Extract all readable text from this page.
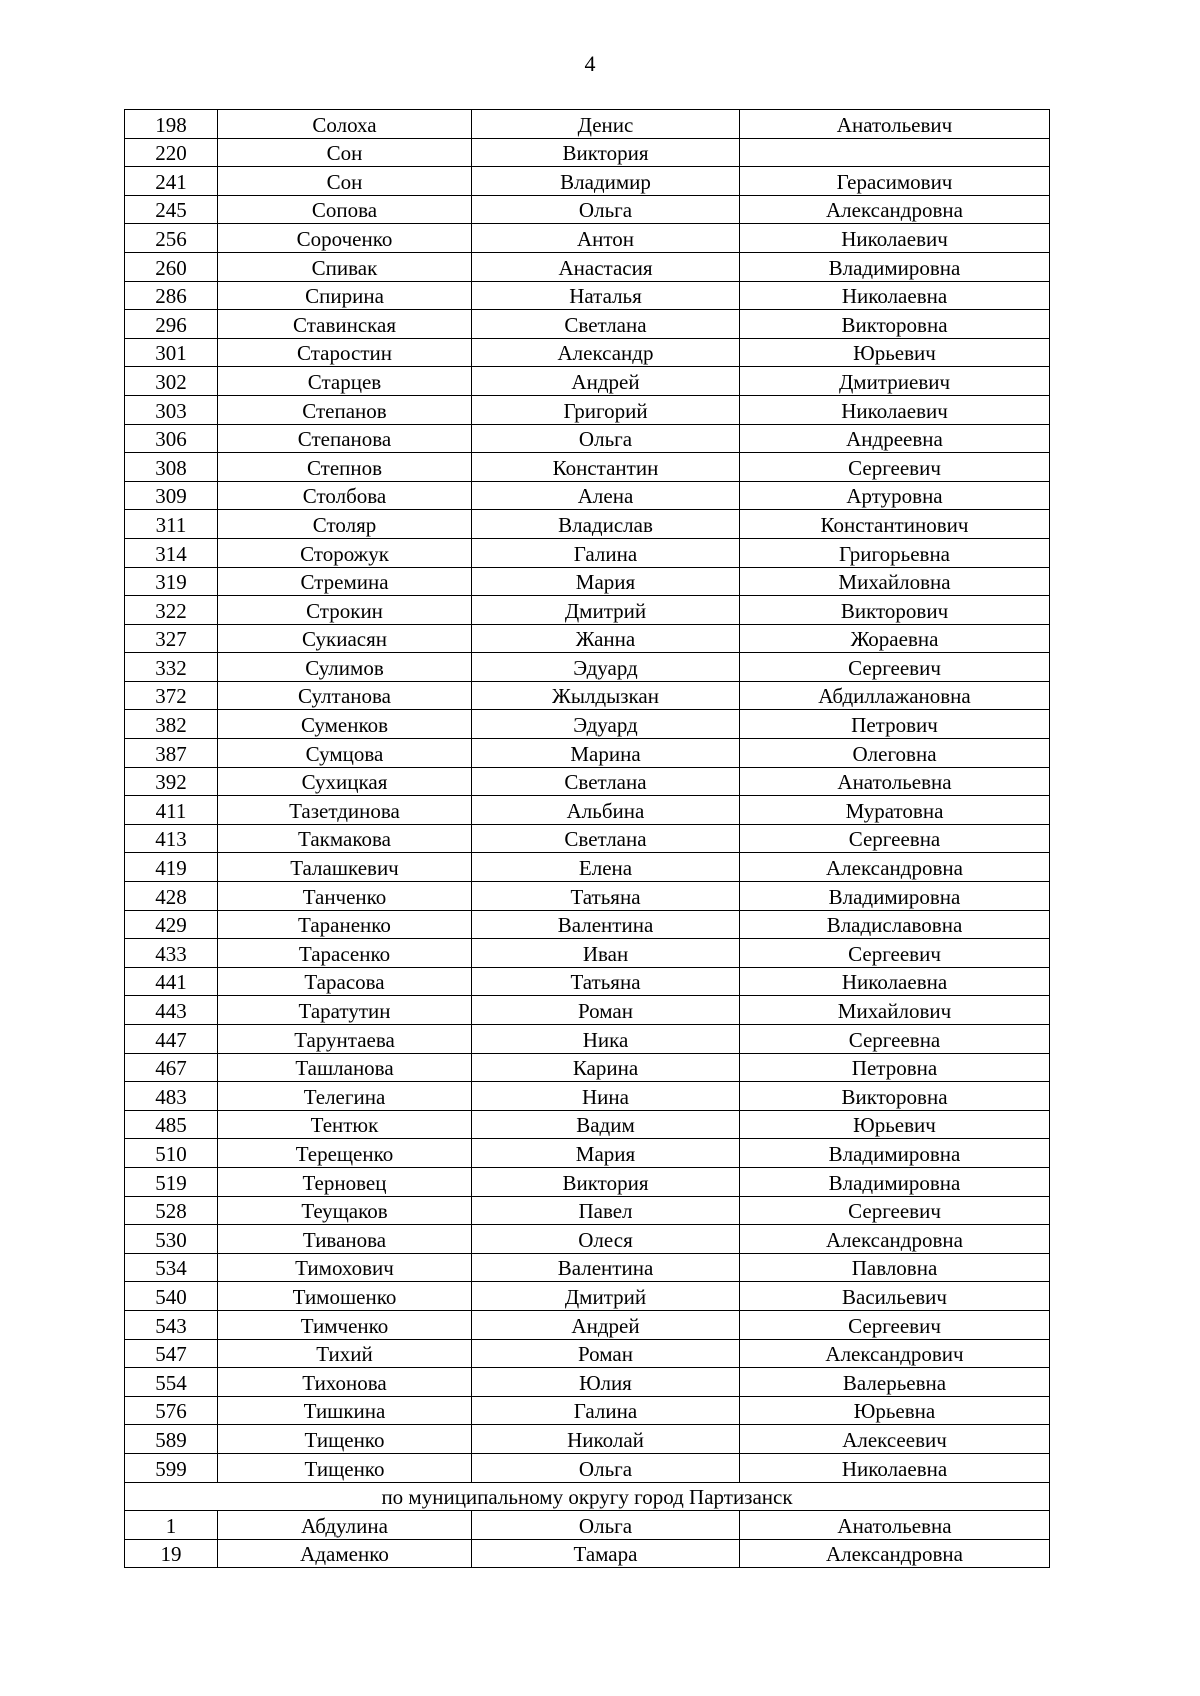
4
198	Солоха	Денис	Анатольевич
220	Сон	Виктория	
241	Сон	Владимир	Герасимович
245	Сопова	Ольга	Александровна
256	Сороченко	Антон	Николаевич
260	Спивак	Анастасия	Владимировна
286	Спирина	Наталья	Николаевна
296	Ставинская	Светлана	Викторовна
301	Старостин	Александр	Юрьевич
302	Старцев	Андрей	Дмитриевич
303	Степанов	Григорий	Николаевич
306	Степанова	Ольга	Андреевна
308	Степнов	Константин	Сергеевич
309	Столбова	Алена	Артуровна
311	Столяр	Владислав	Константинович
314	Сторожук	Галина	Григорьевна
319	Стремина	Мария	Михайловна
322	Строкин	Дмитрий	Викторович
327	Сукиасян	Жанна	Жораевна
332	Сулимов	Эдуард	Сергеевич
372	Султанова	Жылдызкан	Абдиллажановна
382	Суменков	Эдуард	Петрович
387	Сумцова	Марина	Олеговна
392	Сухицкая	Светлана	Анатольевна
411	Тазетдинова	Альбина	Муратовна
413	Такмакова	Светлана	Сергеевна
419	Талашкевич	Елена	Александровна
428	Танченко	Татьяна	Владимировна
429	Тараненко	Валентина	Владиславовна
433	Тарасенко	Иван	Сергеевич
441	Тарасова	Татьяна	Николаевна
443	Таратутин	Роман	Михайлович
447	Тарунтаева	Ника	Сергеевна
467	Ташланова	Карина	Петровна
483	Телегина	Нина	Викторовна
485	Тентюк	Вадим	Юрьевич
510	Терещенко	Мария	Владимировна
519	Терновец	Виктория	Владимировна
528	Теущаков	Павел	Сергеевич
530	Тиванова	Олеся	Александровна
534	Тимохович	Валентина	Павловна
540	Тимошенко	Дмитрий	Васильевич
543	Тимченко	Андрей	Сергеевич
547	Тихий	Роман	Александрович
554	Тихонова	Юлия	Валерьевна
576	Тишкина	Галина	Юрьевна
589	Тищенко	Николай	Алексеевич
599	Тищенко	Ольга	Николаевна
по муниципальному округу город Партизанск			
1	Абдулина	Ольга	Анатольевна
19	Адаменко	Тамара	Александровна
